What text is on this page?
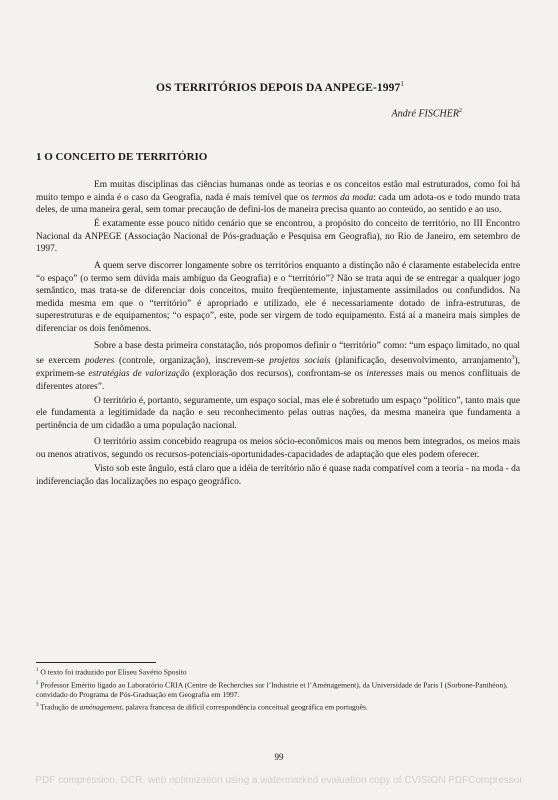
OS TERRITÓRIOS DEPOIS DA ANPEGE-1997$^1$
André FISCHER$^2$
1 O CONCEITO DE TERRITÓRIO

Em muitas disciplinas das ciências humanas onde as teorias e os conceitos estão mal estruturados, como foi há muito tempo e ainda é o caso da Geografia, nada é mais temível que os termos da moda: cada um adota-os e todo mundo trata deles, de uma maneira geral, sem tomar precaução de defini-los de maneira precisa quanto ao conteúdo, ao sentido e ao uso.

É exatamente esse pouco nítido cenário que se encontrou, a propósito do conceito de território, no III Encontro Nacional da ANPEGE (Associação Nacional de Pós-graduação e Pesquisa em Geografia), no Rio de Janeiro, em setembro de 1997.

A quem serve discorrer longamente sobre os territórios enquanto a distinção não é claramente estabelecida entre “o espaço” (o termo sem dúvida mais ambíguo da Geografia) e o “território”? Não se trata aqui de se entregar a qualquer jogo semântico, mas trata-se de diferenciar dois conceitos, muito freqüentemente, injustamente assimilados ou confundidos. Na medida mesma em que o “território” é apropriado e utilizado, ele é necessariamente dotado de infra-estruturas, de superestruturas e de equipamentos; “o espaço”, este, pode ser virgem de todo equipamento. Está aí a maneira mais simples de diferenciar os dois fenômenos.

Sobre a base desta primeira constatação, nós propomos definir o “território” como: “um espaço limitado, no qual se exercem poderes (controle, organização), inscrevem-se projetos sociais (planificação, desenvolvimento, arranjamento$^3$), exprimem-se estratégias de valorização (exploração dos recursos), confrontam-se os interesses mais ou menos conflituais de diferentes atores”.

O território é, portanto, seguramente, um espaço social, mas ele é sobretudo um espaço “político”, tanto mais que ele fundamenta a legitimidade da nação e seu reconhecimento pelas outras nações, da mesma maneira que fundamenta a pertinência de um cidadão a uma população nacional.

O território assim concebido reagrupa os meios sócio-econômicos mais ou menos bem integrados, os meios mais ou menos atrativos, segundo os recursos-potenciais-oportunidades-capacidades de adaptação que eles podem oferecer.

Visto sob este ângulo, está claro que a idéia de território não é quase nada compatível com a teoria - na moda - da indiferenciação das localizações no espaço geográfico.

$^1$ O texto foi traduzido por Eliseu Savério Sposito
$^2$ Professor Emérito ligado ao Laboratório CRIA (Centre de Recherches sur l’Industrie et l’Aménagement), da Universidade de Paris I (Sorbone-Panthéon), convidado do Programa de Pós-Graduação em Geografia em 1997.
$^3$ Tradução de aménagement, palavra francesa de difícil correspondência conceitual geográfica em português.
99
PDF compression, OCR, web optimization using a watermarked evaluation copy of CVISION PDFCompressor
